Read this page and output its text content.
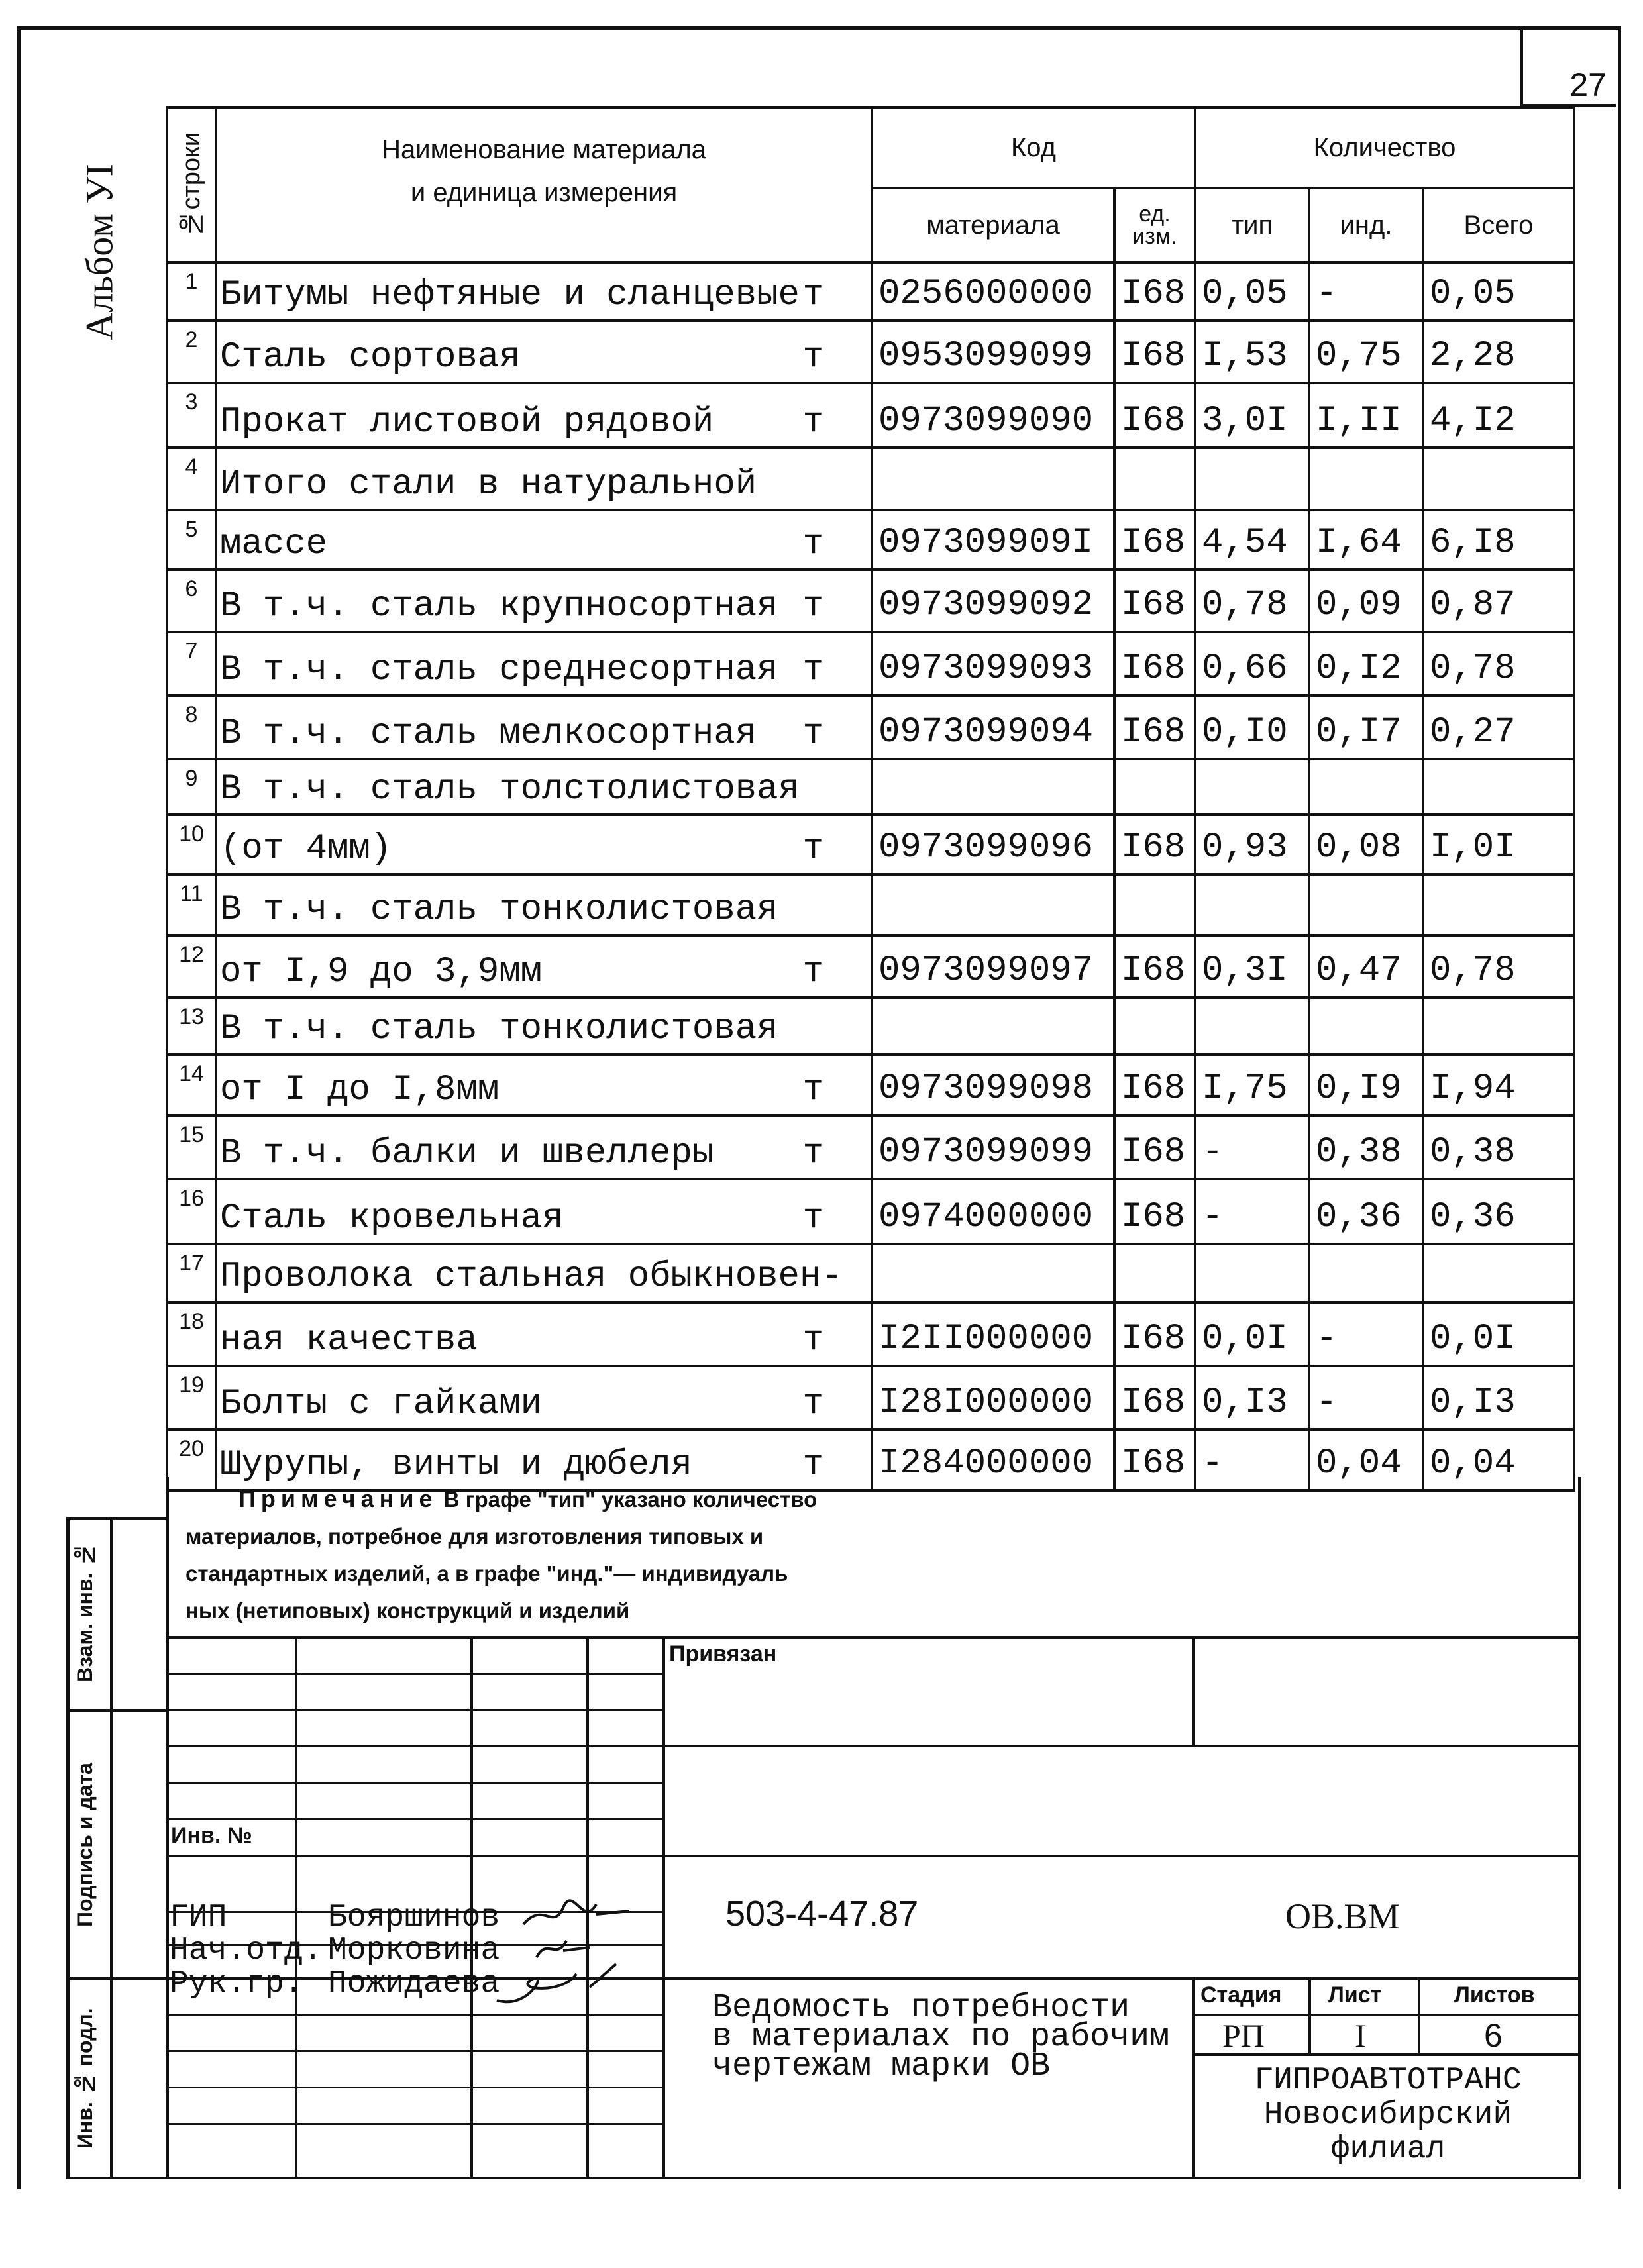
27
Альбом УI №строки	Наименование материала
и единица измерения	Код		Количество		
		материала	ед. изм.	тип	инд.	Всего
1	Битумы нефтяные и сланцевые т	0256000000	I68	0,05	-	0,05

2	Сталь сортовая т	0953099099	I68	I,53	0,75	2,28

3	Прокат листовой рядовой т	0973099090	I68	3,0I	I,II	4,I2

4	Итого стали в натуральной					

5	массе т	097309909I	I68	4,54	I,64	6,I8

6	В т.ч. сталь крупносортная т	0973099092	I68	0,78	0,09	0,87

7	В т.ч. сталь среднесортная т	0973099093	I68	0,66	0,I2	0,78

8	В т.ч. сталь мелкосортная т	0973099094	I68	0,I0	0,I7	0,27

9	В т.ч. сталь толстолистовая					

10	(от 4мм) т	0973099096	I68	0,93	0,08	I,0I

11	В т.ч. сталь тонколистовая					

12	от I,9 до 3,9мм т	0973099097	I68	0,3I	0,47	0,78

13	В т.ч. сталь тонколистовая					

14	от I до I,8мм т	0973099098	I68	I,75	0,I9	I,94

15	В т.ч. балки и швеллеры т	0973099099	I68	-	0,38	0,38

16	Сталь кровельная т	0974000000	I68	-	0,36	0,36

17	Проволока стальная обыкновен-					

18	ная качества т	I2II000000	I68	0,0I	-	0,0I

19	Болты с гайками т	I28I000000	I68	0,I3	-	0,I3

20	Шурупы, винты и дюбеля т	I284000000	I68	-	0,04	0,04
Примечание В графе "тип" указано количество
материалов, потребное для изготовления типовых и
стандартных изделий, а в графе "инд."— индивидуаль
ных (нетиповых) конструкций и изделий
Взам. инв. №
Подпись и дата
Инв. № подл.
Привязан
Инв. №
503-4-47.87	ОВ.ВМ
ГИП	Бояршинов
Нач.отд. Морковина
Рук.гр. Пожидаева
Ведомость потребности
в материалах по рабочим
чертежам марки ОВ
Стадия Лист	Листов
РП	I	6
ГИПРОАВТОТРАНС
Новосибирский
филиал
